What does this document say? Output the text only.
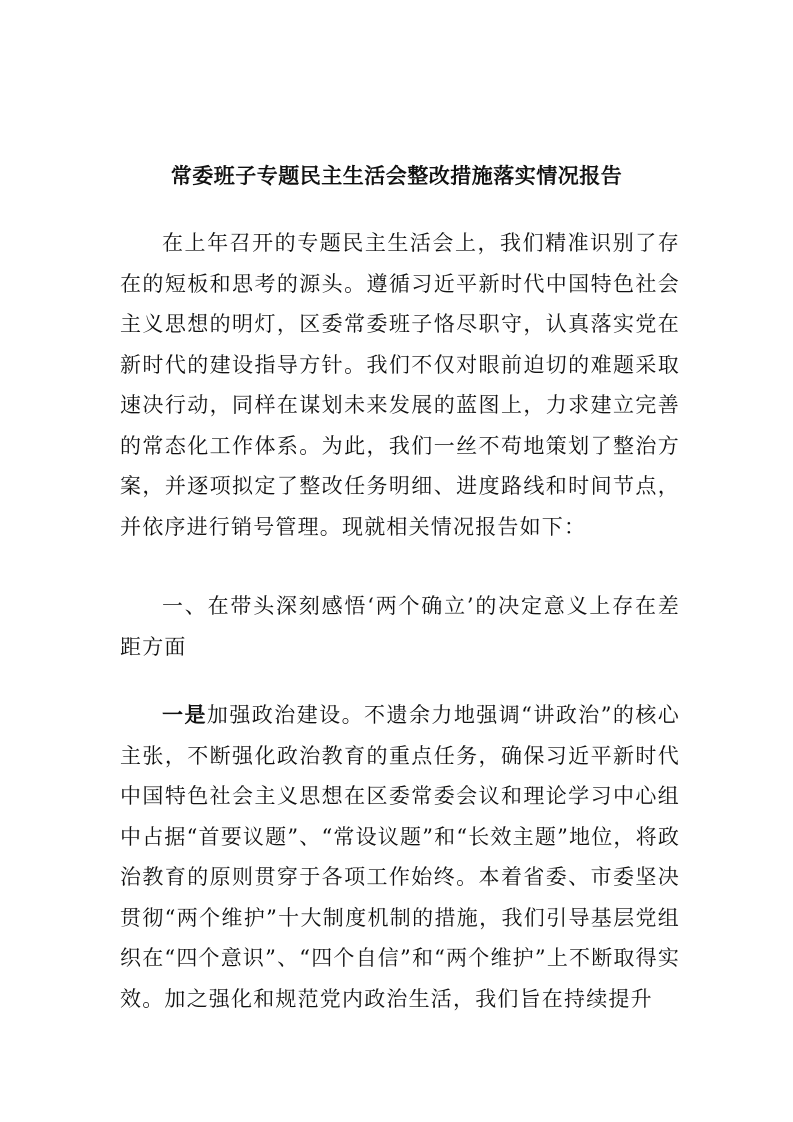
常委班子专题民主生活会整改措施落实情况报告

在上年召开的专题民主生活会上，我们精准识别了存在的短板和思考的源头。遵循习近平新时代中国特色社会主义思想的明灯，区委常委班子恪尽职守，认真落实党在新时代的建设指导方针。我们不仅对眼前迫切的难题采取速决行动，同样在谋划未来发展的蓝图上，力求建立完善的常态化工作体系。为此，我们一丝不苟地策划了整治方案，并逐项拟定了整改任务明细、进度路线和时间节点，并依序进行销号管理。现就相关情况报告如下：

一、在带头深刻感悟‘两个确立’的决定意义上存在差距方面

一是加强政治建设。不遗余力地强调“讲政治”的核心主张，不断强化政治教育的重点任务，确保习近平新时代中国特色社会主义思想在区委常委会议和理论学习中心组中占据“首要议题”、“常设议题”和“长效主题”地位，将政治教育的原则贯穿于各项工作始终。本着省委、市委坚决贯彻“两个维护”十大制度机制的措施，我们引导基层党组织在“四个意识”、“四个自信”和“两个维护”上不断取得实效。加之强化和规范党内政治生活，我们旨在持续提升
